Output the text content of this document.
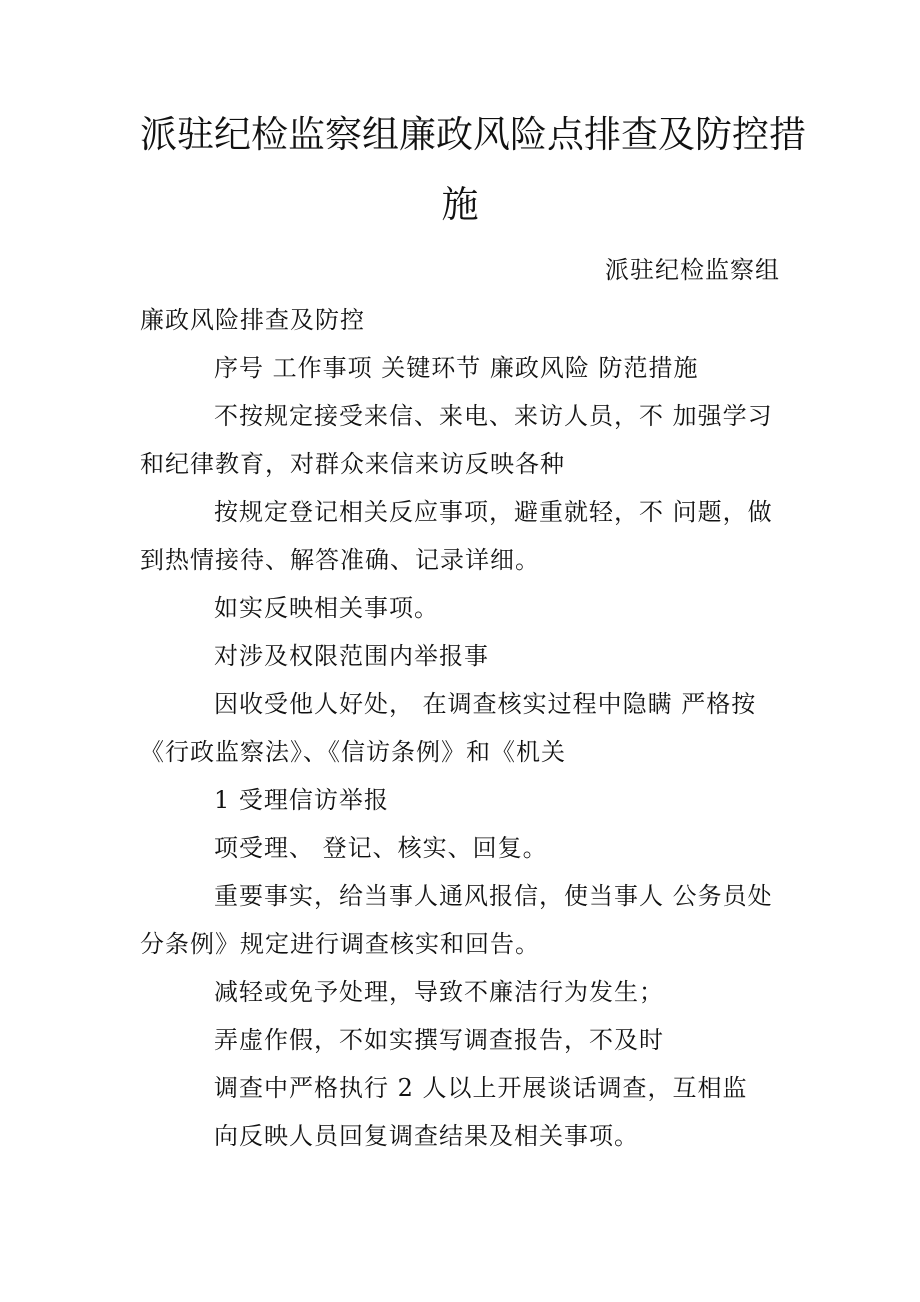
派驻纪检监察组廉政风险点排查及防控措
施
派驻纪检监察组
廉政风险排查及防控
序号 工作事项 关键环节 廉政风险 防范措施
不按规定接受来信、来电、来访人员，不 加强学习
和纪律教育，对群众来信来访反映各种
按规定登记相关反应事项，避重就轻，不 问题，做
到热情接待、解答准确、记录详细。
如实反映相关事项。
对涉及权限范围内举报事
因收受他人好处， 在调查核实过程中隐瞒 严格按
《行政监察法》、《信访条例》和《机关
1 受理信访举报
项受理、 登记、核实、回复。
重要事实，给当事人通风报信，使当事人 公务员处
分条例》规定进行调查核实和回告。
减轻或免予处理，导致不廉洁行为发生；
弄虚作假，不如实撰写调查报告，不及时
调查中严格执行 2 人以上开展谈话调查，互相监
向反映人员回复调查结果及相关事项。
